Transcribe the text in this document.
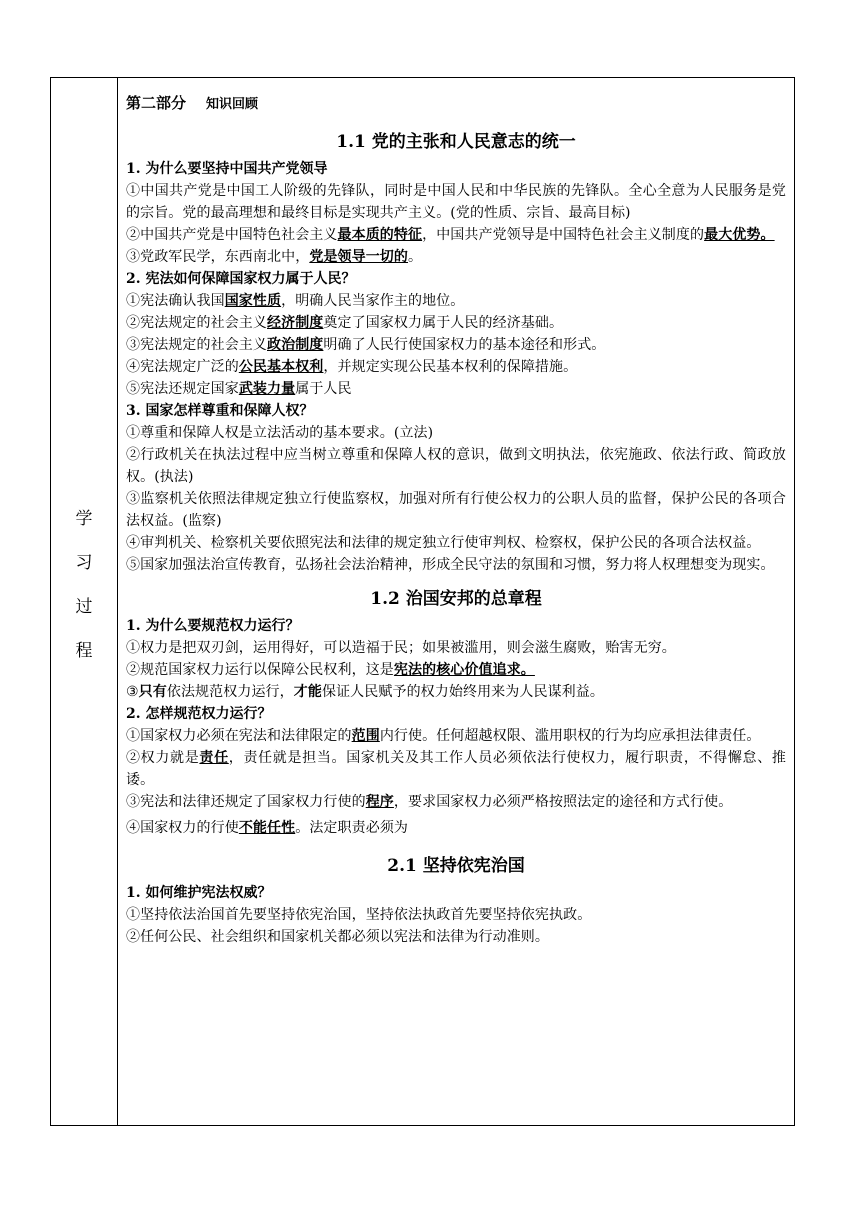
学
习
过
程
第二部分 知识回顾
1.1 党的主张和人民意志的统一

1. 为什么要坚持中国共产党领导

①中国共产党是中国工人阶级的先锋队，同时是中国人民和中华民族的先锋队。全心全意为人民服务是党的宗旨。党的最高理想和最终目标是实现共产主义。(党的性质、宗旨、最高目标)

②中国共产党是中国特色社会主义最本质的特征，中国共产党领导是中国特色社会主义制度的最大优势。

③党政军民学，东西南北中，党是领导一切的。

2. 宪法如何保障国家权力属于人民？

①宪法确认我国国家性质，明确人民当家作主的地位。

②宪法规定的社会主义经济制度奠定了国家权力属于人民的经济基础。

③宪法规定的社会主义政治制度明确了人民行使国家权力的基本途径和形式。

④宪法规定广泛的公民基本权利，并规定实现公民基本权利的保障措施。

⑤宪法还规定国家武装力量属于人民

3. 国家怎样尊重和保障人权？

①尊重和保障人权是立法活动的基本要求。(立法)

②行政机关在执法过程中应当树立尊重和保障人权的意识，做到文明执法，依宪施政、依法行政、简政放权。(执法)

③监察机关依照法律规定独立行使监察权，加强对所有行使公权力的公职人员的监督，保护公民的各项合法权益。(监察)

④审判机关、检察机关要依照宪法和法律的规定独立行使审判权、检察权，保护公民的各项合法权益。

⑤国家加强法治宣传教育，弘扬社会法治精神，形成全民守法的氛围和习惯，努力将人权理想变为现实。

1.2 治国安邦的总章程

1. 为什么要规范权力运行？

①权力是把双刃剑，运用得好，可以造福于民；如果被滥用，则会滋生腐败，贻害无穷。

②规范国家权力运行以保障公民权利，这是宪法的核心价值追求。

③只有依法规范权力运行，才能保证人民赋予的权力始终用来为人民谋利益。

2. 怎样规范权力运行？

①国家权力必须在宪法和法律限定的范围内行使。任何超越权限、滥用职权的行为均应承担法律责任。

②权力就是责任，责任就是担当。国家机关及其工作人员必须依法行使权力，履行职责，不得懈怠、推诿。

③宪法和法律还规定了国家权力行使的程序，要求国家权力必须严格按照法定的途径和方式行使。

④国家权力的行使不能任性。法定职责必须为

2.1 坚持依宪治国

1. 如何维护宪法权威？

①坚持依法治国首先要坚持依宪治国，坚持依法执政首先要坚持依宪执政。

②任何公民、社会组织和国家机关都必须以宪法和法律为行动准则。
